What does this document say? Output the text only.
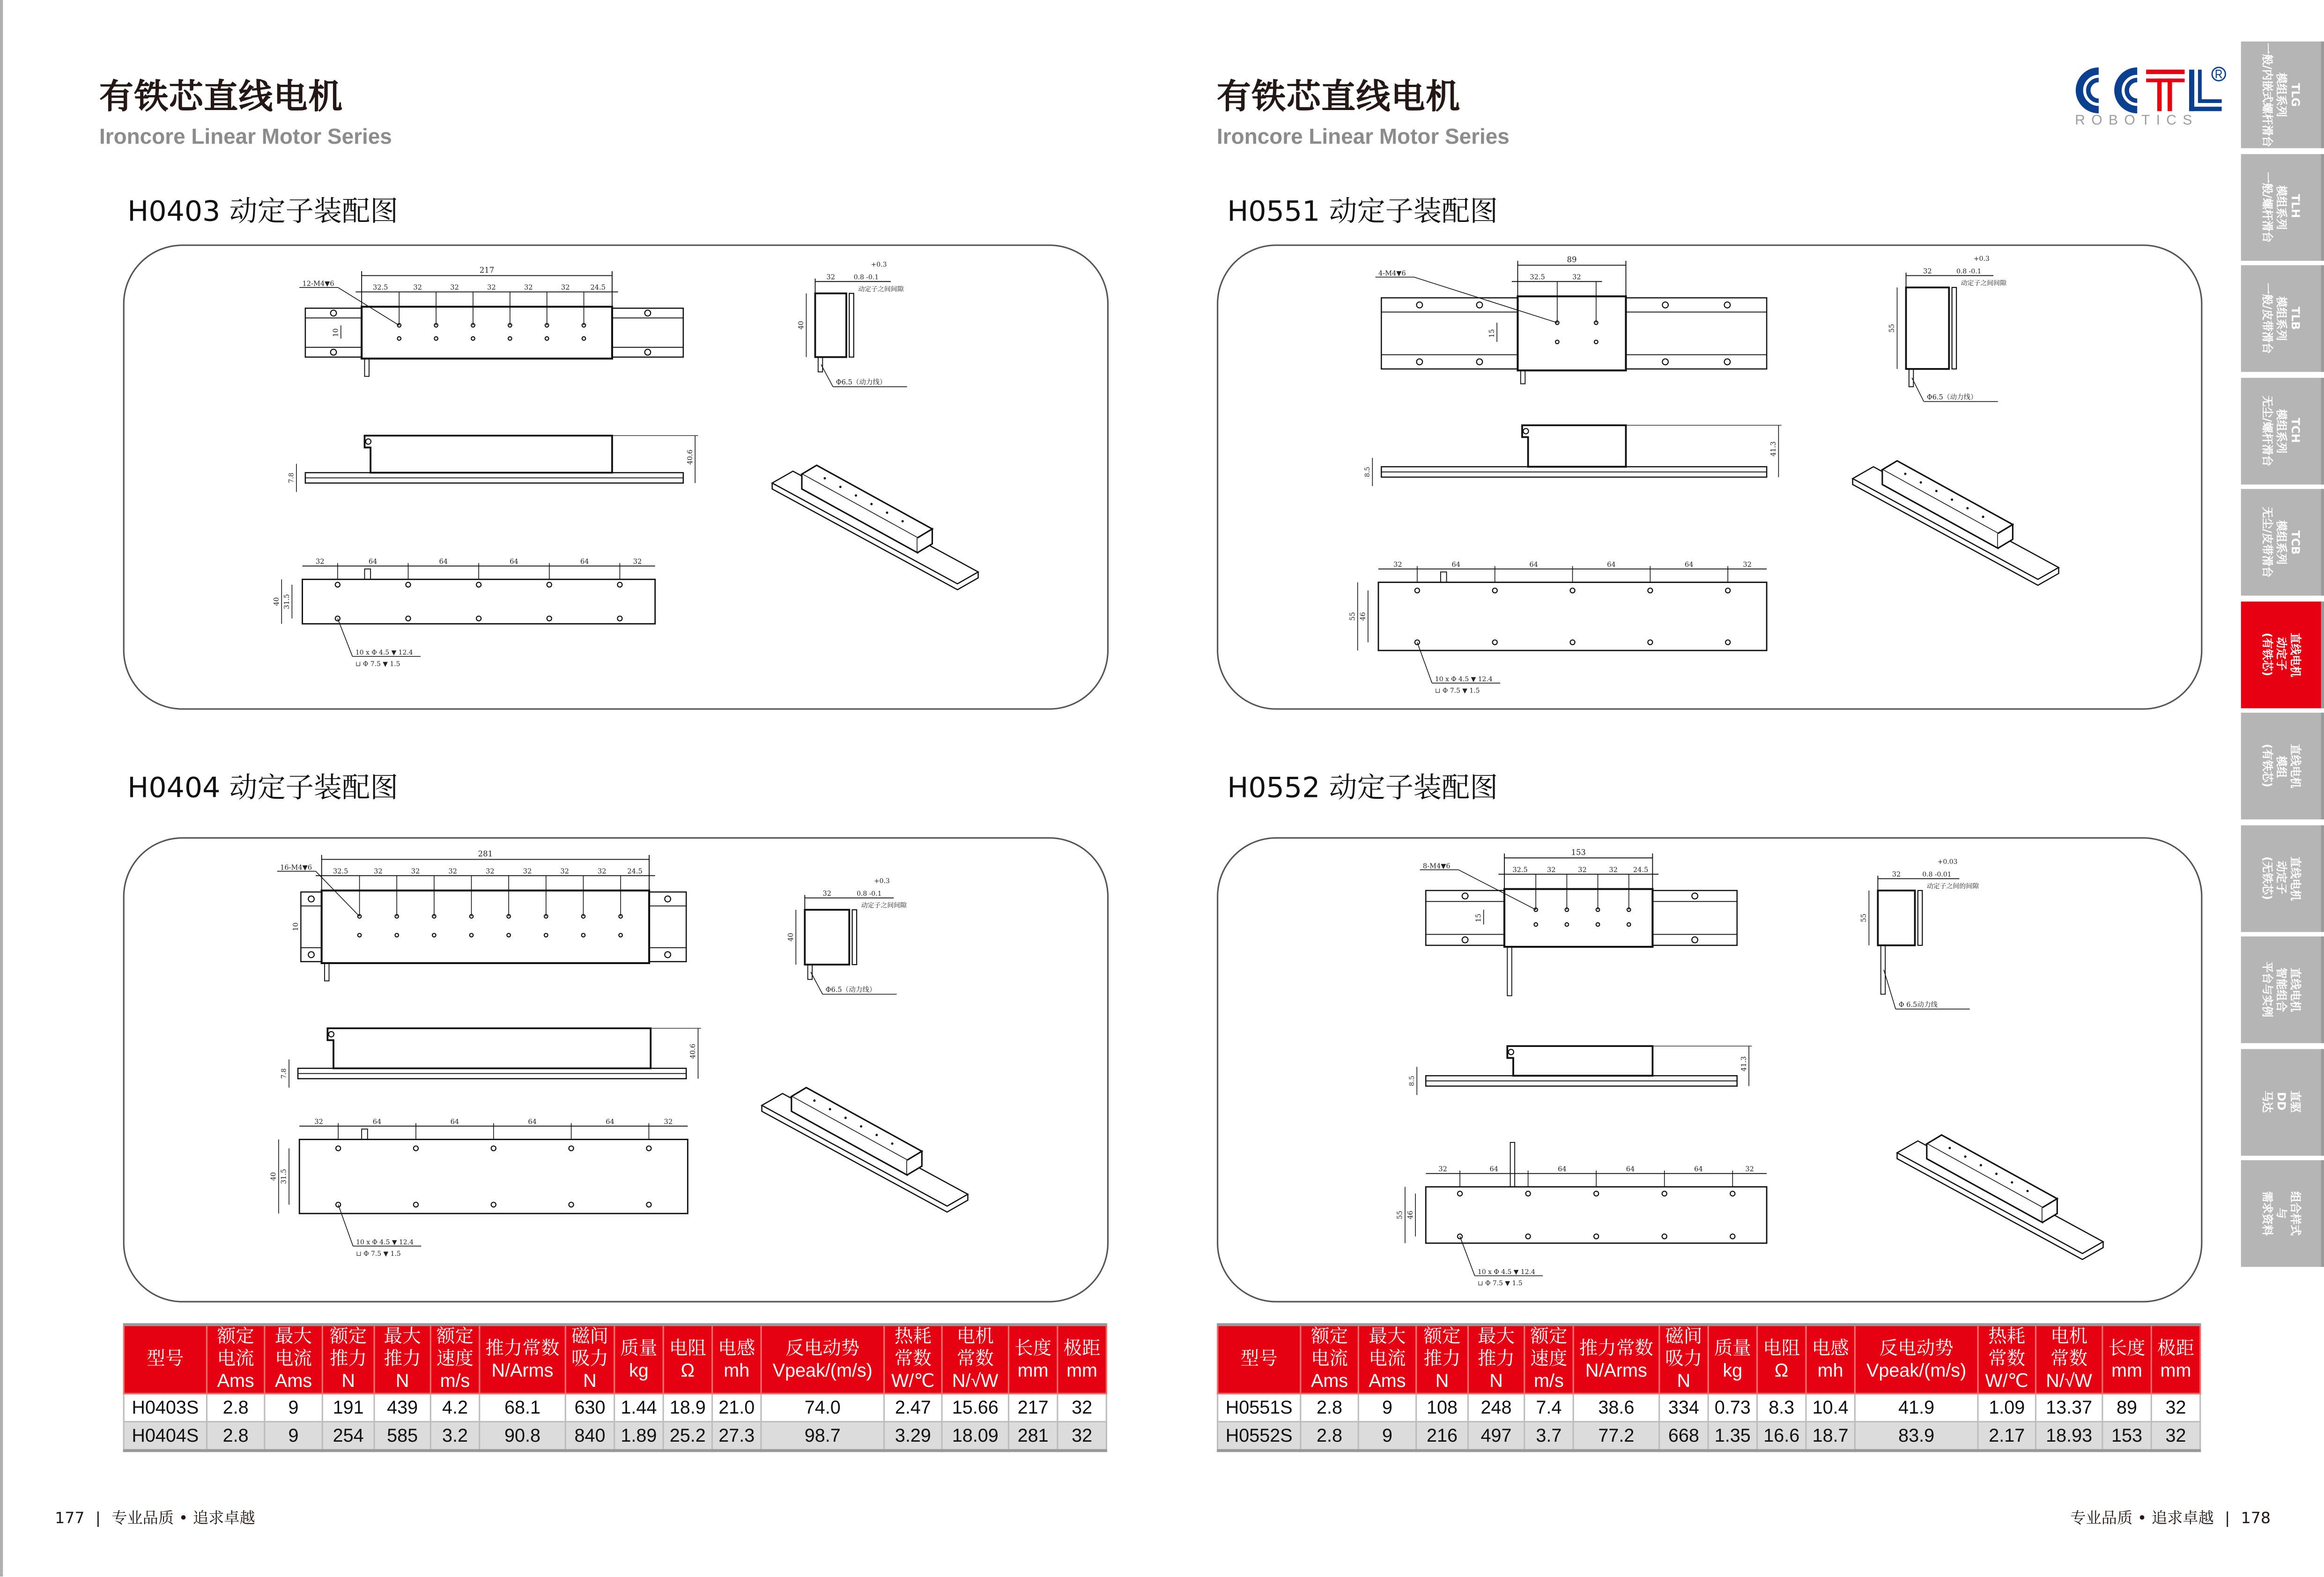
有铁芯直线电机
Ironcore Linear Motor Series
有铁芯直线电机
Ironcore Linear Motor Series
ROBOTICS
H0403 动定子装配图
H0404 动定子装配图
H0551 动定子装配图
H0552 动定子装配图
217
32.5	32	32	32	32	32	24.5
12-M4▼6
10
32
+0.3
0.8 -0.1
动定子之间间隙
40
Φ6.5（动力线）
40.6
7.8
32	64	64	64	64	32
40 31.5
10 x Φ 4.5 ▼ 12.4
⊔ Φ 7.5 ▼ 1.5
281
32.5	32	32	32	32	32	32	32	24.5
16-M4▼6
10
32
+0.3
0.8 -0.1
动定子之间间隙
40
Φ6.5（动力线）
40.6
7.8
32	64	64	64	64	32
40 31.5
10 x Φ 4.5 ▼ 12.4
⊔ Φ 7.5 ▼ 1.5
89
32.5	32
4-M4▼6
15
32
+0.3
0.8 -0.1
动定子之间间隙
55
Φ6.5（动力线）
41.3
8.5
32	64	64	64	64	32
55 46
10 x Φ 4.5 ▼ 12.4
⊔ Φ 7.5 ▼ 1.5
153
32.5	32	32	32	24.5
8-M4▼6
15
32
+0.03
0.8 -0.01
动定子之间的间隙
55
Φ 6.5动力线
41.3
8.5
32	64	64	64	64	32
55 46
10 x Φ 4.5 ▼ 12.4
⊔ Φ 7.5 ▼ 1.5
型号	额定
电流
Ams	最大
电流
Ams	额定
推力
N	最大
推力
N	额定
速度
m/s	推力常数
N/Arms	磁间
吸力
N	质量
kg	电阻
Ω	电感
mh	反电动势
Vpeak/(m/s)	热耗
常数
W/℃	电机
常数
N/√W	长度
mm	极距
mm
H0403S	2.8	9	191	439	4.2	68.1	630	1.44	18.9	21.0	74.0	2.47	15.66	217	32
H0404S	2.8	9	254	585	3.2	90.8	840	1.89	25.2	27.3	98.7	3.29	18.09	281	32
型号	额定
电流
Ams	最大
电流
Ams	额定
推力
N	最大
推力
N	额定
速度
m/s	推力常数
N/Arms	磁间
吸力
N	质量
kg	电阻
Ω	电感
mh	反电动势
Vpeak/(m/s)	热耗
常数
W/℃	电机
常数
N/√W	长度
mm	极距
mm
H0551S	2.8	9	108	248	7.4	38.6	334	0.73	8.3	10.4	41.9	1.09	13.37	89	32
H0552S	2.8	9	216	497	3.7	77.2	668	1.35	16.6	18.7	83.9	2.17	18.93	153	32
177 | 专业品质 • 追求卓越	专业品质 • 追求卓越 | 178
TLG
模组系列
一般/内嵌式螺杆滑台
TLH
模组系列
一般/螺杆滑台
TLB
模组系列
一般/皮带滑台
TCH
模组系列
无尘/螺杆滑台
TCB
模组系列
无尘/皮带滑台
直线电机
动定子
(有铁芯)
直线电机
模组
(有铁芯)
直线电机
动定子
(无铁芯)
直线电机
智能组合
平台与实例
直驱
DD
马达
组合样式
与
需求资料
